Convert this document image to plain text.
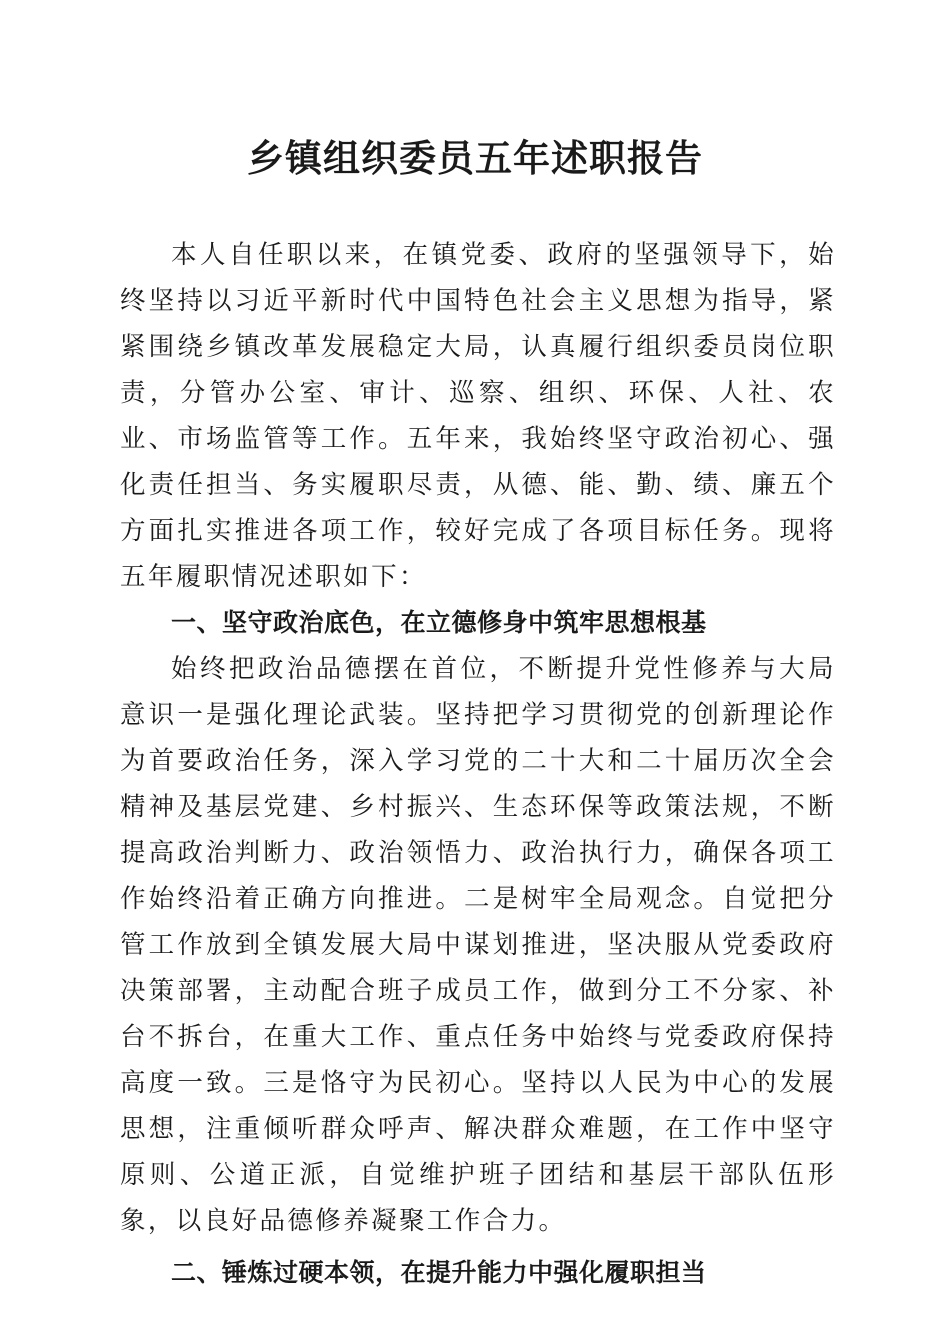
乡镇组织委员五年述职报告

本人自任职以来，在镇党委、政府的坚强领导下，始终坚持以习近平新时代中国特色社会主义思想为指导，紧紧围绕乡镇改革发展稳定大局，认真履行组织委员岗位职责，分管办公室、审计、巡察、组织、环保、人社、农业、市场监管等工作。五年来，我始终坚守政治初心、强化责任担当、务实履职尽责，从德、能、勤、绩、廉五个方面扎实推进各项工作，较好完成了各项目标任务。现将五年履职情况述职如下：

一、坚守政治底色，在立德修身中筑牢思想根基

始终把政治品德摆在首位，不断提升党性修养与大局意识一是强化理论武装。坚持把学习贯彻党的创新理论作为首要政治任务，深入学习党的二十大和二十届历次全会精神及基层党建、乡村振兴、生态环保等政策法规，不断提高政治判断力、政治领悟力、政治执行力，确保各项工作始终沿着正确方向推进。二是树牢全局观念。自觉把分管工作放到全镇发展大局中谋划推进，坚决服从党委政府决策部署，主动配合班子成员工作，做到分工不分家、补台不拆台，在重大工作、重点任务中始终与党委政府保持高度一致。三是恪守为民初心。坚持以人民为中心的发展思想，注重倾听群众呼声、解决群众难题，在工作中坚守原则、公道正派，自觉维护班子团结和基层干部队伍形象，以良好品德修养凝聚工作合力。

二、锤炼过硬本领，在提升能力中强化履职担当
